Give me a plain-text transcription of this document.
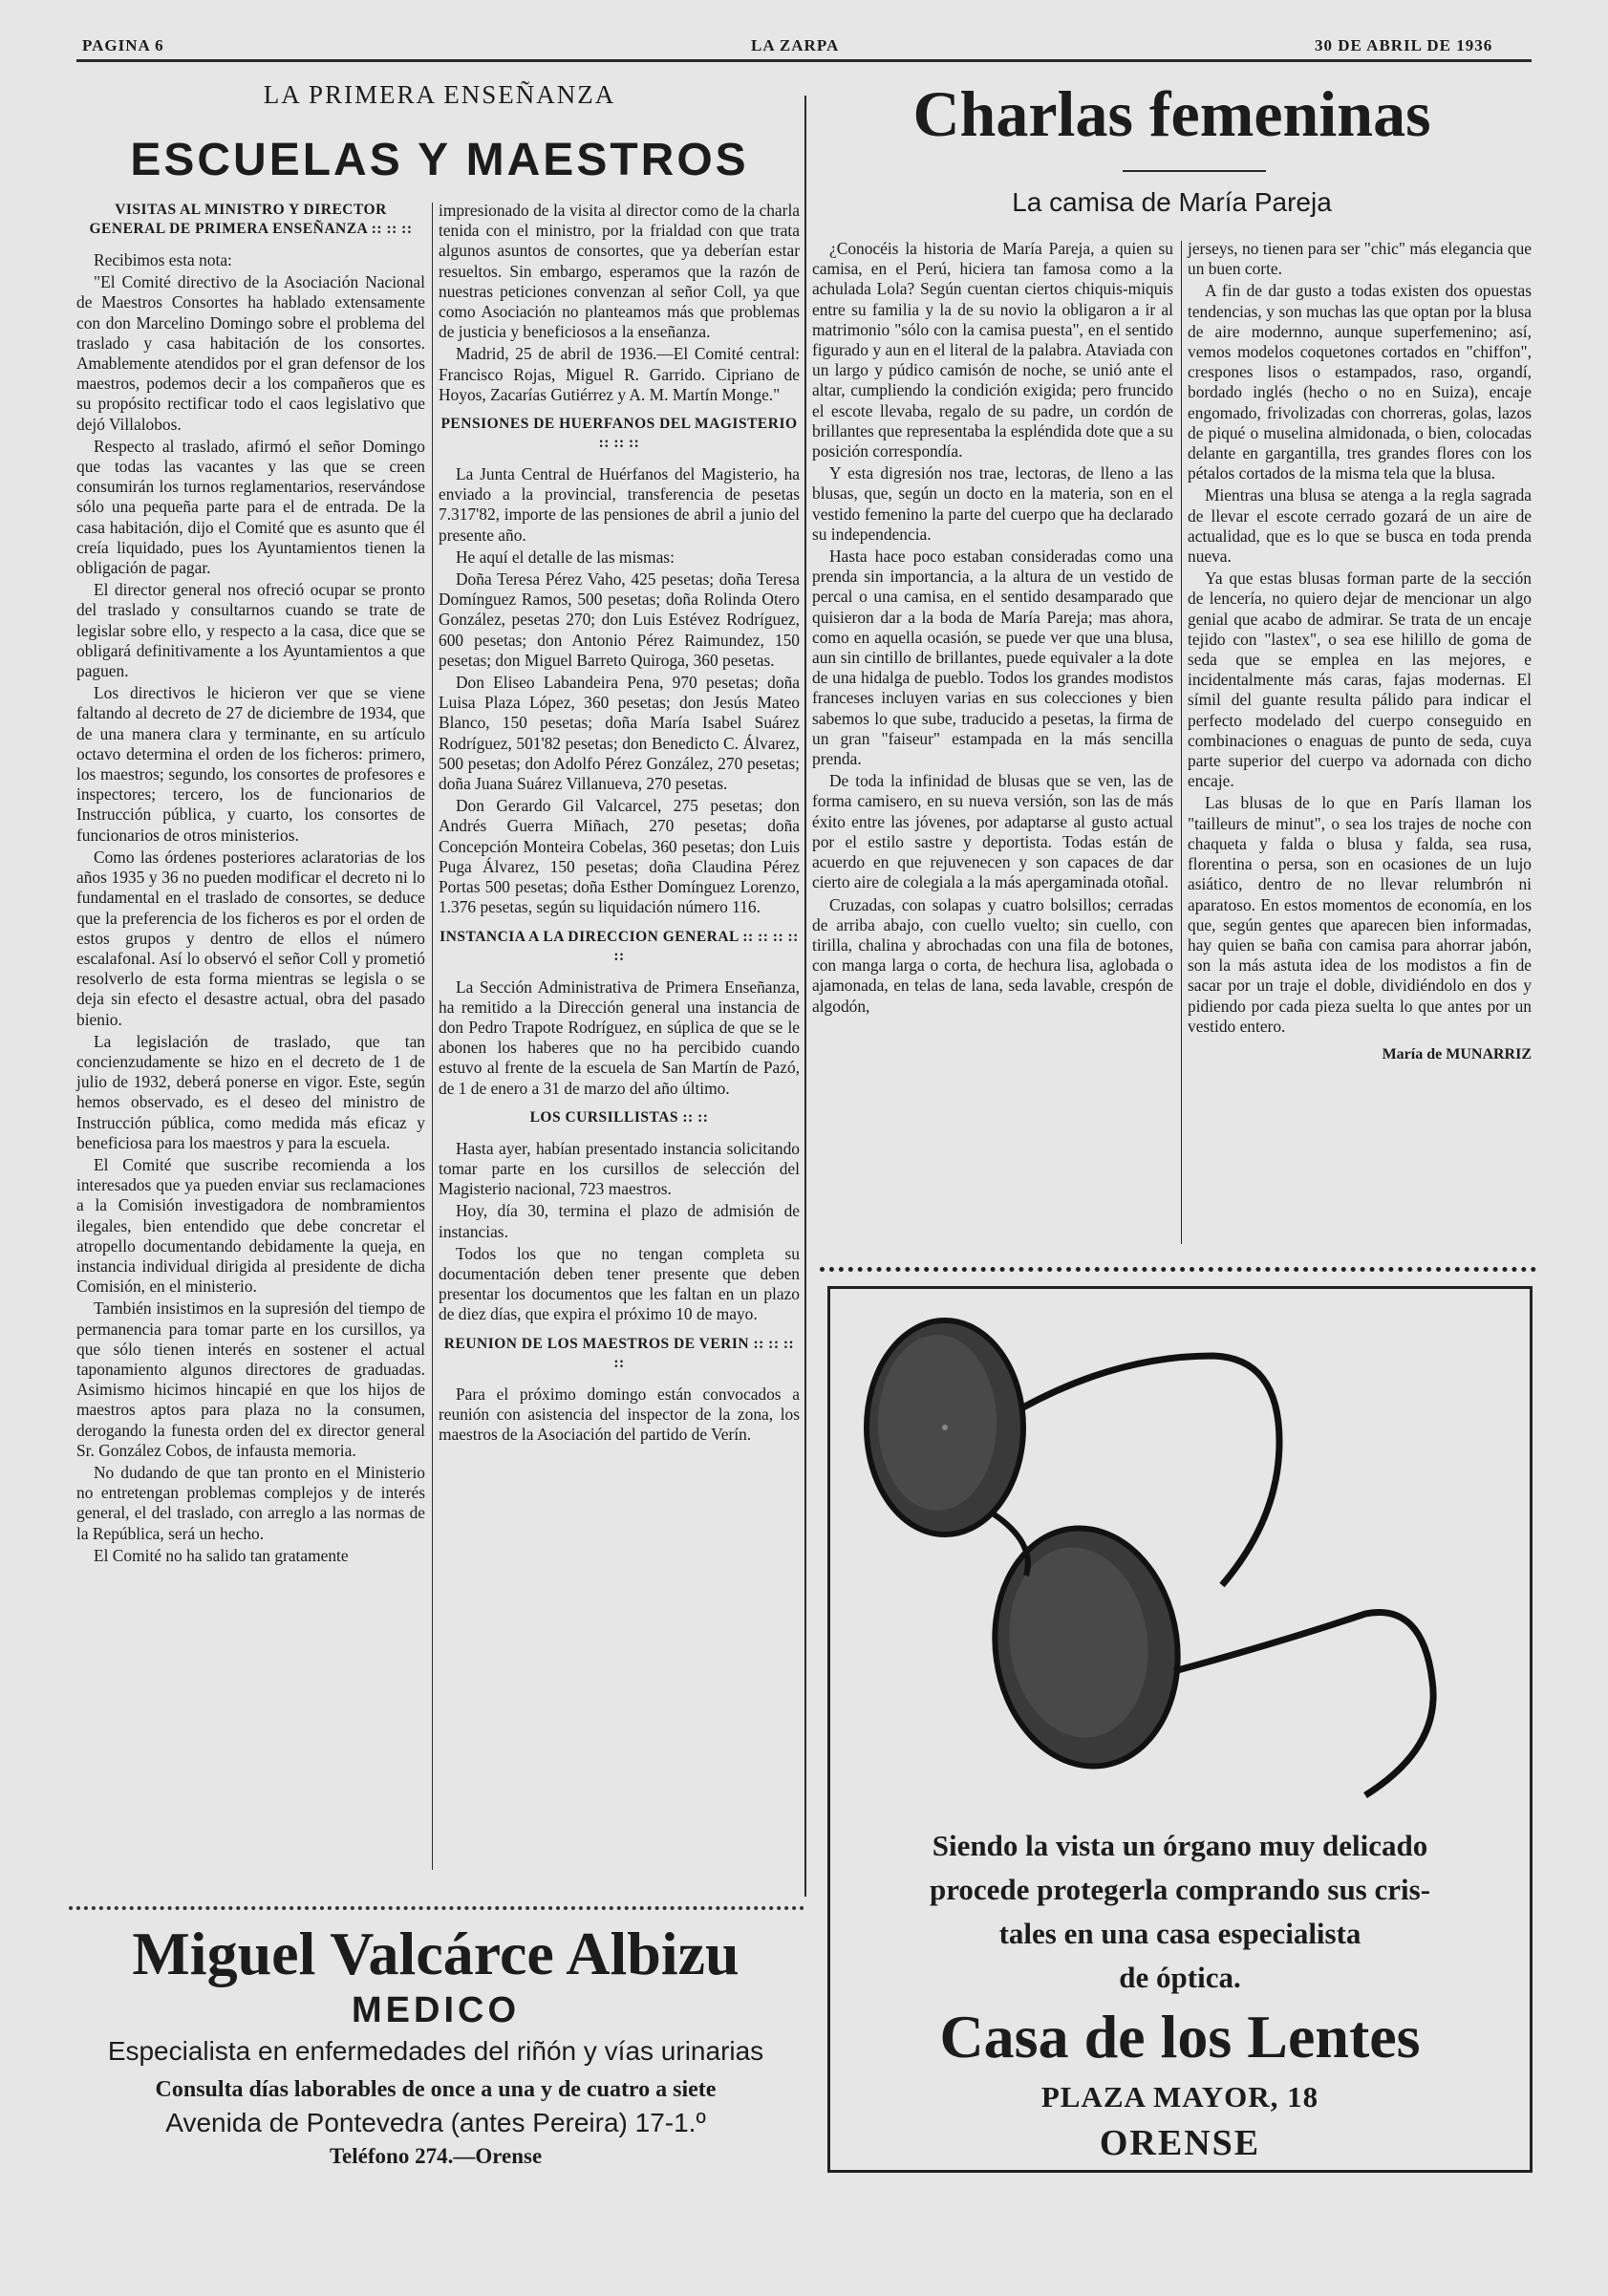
PAGINA 6	LA ZARPA	30 DE ABRIL DE 1936
LA PRIMERA ENSEÑANZA
ESCUELAS Y MAESTROS
VISITAS AL MINISTRO Y DIRECTOR GENERAL DE PRIMERA ENSEÑANZA :: :: ::

Recibimos esta nota:

"El Comité directivo de la Asociación Nacional de Maestros Consortes ha hablado extensamente con don Marcelino Domingo sobre el problema del traslado y casa habitación de los consortes. Amablemente atendidos por el gran defensor de los maestros, podemos decir a los compañeros que es su propósito rectificar todo el caos legislativo que dejó Villalobos.

Respecto al traslado, afirmó el señor Domingo que todas las vacantes y las que se creen consumirán los turnos reglamentarios, reservándose sólo una pequeña parte para el de entrada. De la casa habitación, dijo el Comité que es asunto que él creía liquidado, pues los Ayuntamientos tienen la obligación de pagar.

El director general nos ofreció ocupar se pronto del traslado y consultarnos cuando se trate de legislar sobre ello, y respecto a la casa, dice que se obligará definitivamente a los Ayuntamientos a que paguen.

Los directivos le hicieron ver que se viene faltando al decreto de 27 de diciembre de 1934, que de una manera clara y terminante, en su artículo octavo determina el orden de los ficheros: primero, los maestros; segundo, los consortes de profesores e inspectores; tercero, los de funcionarios de Instrucción pública, y cuarto, los consortes de funcionarios de otros ministerios.

Como las órdenes posteriores aclaratorias de los años 1935 y 36 no pueden modificar el decreto ni lo fundamental en el traslado de consortes, se deduce que la preferencia de los ficheros es por el orden de estos grupos y dentro de ellos el número escalafonal. Así lo observó el señor Coll y prometió resolverlo de esta forma mientras se legisla o se deja sin efecto el desastre actual, obra del pasado bienio.

La legislación de traslado, que tan concienzudamente se hizo en el decreto de 1 de julio de 1932, deberá ponerse en vigor. Este, según hemos observado, es el deseo del ministro de Instrucción pública, como medida más eficaz y beneficiosa para los maestros y para la escuela.

El Comité que suscribe recomienda a los interesados que ya pueden enviar sus reclamaciones a la Comisión investigadora de nombramientos ilegales, bien entendido que debe concretar el atropello documentando debidamente la queja, en instancia individual dirigida al presidente de dicha Comisión, en el ministerio.

También insistimos en la supresión del tiempo de permanencia para tomar parte en los cursillos, ya que sólo tienen interés en sostener el actual taponamiento algunos directores de graduadas. Asimismo hicimos hincapié en que los hijos de maestros aptos para plaza no la consumen, derogando la funesta orden del ex director general Sr. González Cobos, de infausta memoria.

No dudando de que tan pronto en el Ministerio no entretengan problemas complejos y de interés general, el del traslado, con arreglo a las normas de la República, será un hecho.

El Comité no ha salido tan gratamente

impresionado de la visita al director como de la charla tenida con el ministro, por la frialdad con que trata algunos asuntos de consortes, que ya deberían estar resueltos. Sin embargo, esperamos que la razón de nuestras peticiones convenzan al señor Coll, ya que como Asociación no planteamos más que problemas de justicia y beneficiosos a la enseñanza.

Madrid, 25 de abril de 1936.—El Comité central: Francisco Rojas, Miguel R. Garrido. Cipriano de Hoyos, Zacarías Gutiérrez y A. M. Martín Monge."

PENSIONES DE HUERFANOS DEL MAGISTERIO :: :: ::

La Junta Central de Huérfanos del Magisterio, ha enviado a la provincial, transferencia de pesetas 7.317'82, importe de las pensiones de abril a junio del presente año.

He aquí el detalle de las mismas:

Doña Teresa Pérez Vaho, 425 pesetas; doña Teresa Domínguez Ramos, 500 pesetas; doña Rolinda Otero González, pesetas 270; don Luis Estévez Rodríguez, 600 pesetas; don Antonio Pérez Raimundez, 150 pesetas; don Miguel Barreto Quiroga, 360 pesetas.

Don Eliseo Labandeira Pena, 970 pesetas; doña Luisa Plaza López, 360 pesetas; don Jesús Mateo Blanco, 150 pesetas; doña María Isabel Suárez Rodríguez, 501'82 pesetas; don Benedicto C. Álvarez, 500 pesetas; don Adolfo Pérez González, 270 pesetas; doña Juana Suárez Villanueva, 270 pesetas.

Don Gerardo Gil Valcarcel, 275 pesetas; don Andrés Guerra Miñach, 270 pesetas; doña Concepción Monteira Cobelas, 360 pesetas; don Luis Puga Álvarez, 150 pesetas; doña Claudina Pérez Portas 500 pesetas; doña Esther Domínguez Lorenzo, 1.376 pesetas, según su liquidación número 116.

INSTANCIA A LA DIRECCION GENERAL :: :: :: :: ::

La Sección Administrativa de Primera Enseñanza, ha remitido a la Dirección general una instancia de don Pedro Trapote Rodríguez, en súplica de que se le abonen los haberes que no ha percibido cuando estuvo al frente de la escuela de San Martín de Pazó, de 1 de enero a 31 de marzo del año último.

LOS CURSILLISTAS :: ::

Hasta ayer, habían presentado instancia solicitando tomar parte en los cursillos de selección del Magisterio nacional, 723 maestros.

Hoy, día 30, termina el plazo de admisión de instancias.

Todos los que no tengan completa su documentación deben tener presente que deben presentar los documentos que les faltan en un plazo de diez días, que expira el próximo 10 de mayo.

REUNION DE LOS MAESTROS DE VERIN :: :: :: ::

Para el próximo domingo están convocados a reunión con asistencia del inspector de la zona, los maestros de la Asociación del partido de Verín.

Charlas femeninas
La camisa de María Pareja

¿Conocéis la historia de María Pareja, a quien su camisa, en el Perú, hiciera tan famosa como a la achulada Lola? Según cuentan ciertos chiquis-miquis entre su familia y la de su novio la obligaron a ir al matrimonio "sólo con la camisa puesta", en el sentido figurado y aun en el literal de la palabra. Ataviada con un largo y púdico camisón de noche, se unió ante el altar, cumpliendo la condición exigida; pero fruncido el escote llevaba, regalo de su padre, un cordón de brillantes que representaba la espléndida dote que a su posición correspondía.

Y esta digresión nos trae, lectoras, de lleno a las blusas, que, según un docto en la materia, son en el vestido femenino la parte del cuerpo que ha declarado su independencia.

Hasta hace poco estaban consideradas como una prenda sin importancia, a la altura de un vestido de percal o una camisa, en el sentido desamparado que quisieron dar a la boda de María Pareja; mas ahora, como en aquella ocasión, se puede ver que una blusa, aun sin cintillo de brillantes, puede equivaler a la dote de una hidalga de pueblo. Todos los grandes modistos franceses incluyen varias en sus colecciones y bien sabemos lo que sube, traducido a pesetas, la firma de un gran "faiseur" estampada en la más sencilla prenda.

De toda la infinidad de blusas que se ven, las de forma camisero, en su nueva versión, son las de más éxito entre las jóvenes, por adaptarse al gusto actual por el estilo sastre y deportista. Todas están de acuerdo en que rejuvenecen y son capaces de dar cierto aire de colegiala a la más apergaminada otoñal.

Cruzadas, con solapas y cuatro bolsillos; cerradas de arriba abajo, con cuello vuelto; sin cuello, con tirilla, chalina y abrochadas con una fila de botones, con manga larga o corta, de hechura lisa, aglobada o ajamonada, en telas de lana, seda lavable, crespón de algodón,

jerseys, no tienen para ser "chic" más elegancia que un buen corte.

A fin de dar gusto a todas existen dos opuestas tendencias, y son muchas las que optan por la blusa de aire modernno, aunque superfemenino; así, vemos modelos coquetones cortados en "chiffon", crespones lisos o estampados, raso, organdí, bordado inglés (hecho o no en Suiza), encaje engomado, frivolizadas con chorreras, golas, lazos de piqué o muselina almidonada, o bien, colocadas delante en gargantilla, tres grandes flores con los pétalos cortados de la misma tela que la blusa.

Mientras una blusa se atenga a la regla sagrada de llevar el escote cerrado gozará de un aire de actualidad, que es lo que se busca en toda prenda nueva.

Ya que estas blusas forman parte de la sección de lencería, no quiero dejar de mencionar un algo genial que acabo de admirar. Se trata de un encaje tejido con "lastex", o sea ese hilillo de goma de seda que se emplea en las mejores, e incidentalmente más caras, fajas modernas. El símil del guante resulta pálido para indicar el perfecto modelado del cuerpo conseguido en combinaciones o enaguas de punto de seda, cuya parte superior del cuerpo va adornada con dicho encaje.

Las blusas de lo que en París llaman los "tailleurs de minut", o sea los trajes de noche con chaqueta y falda o blusa y falda, sea rusa, florentina o persa, son en ocasiones de un lujo asiático, dentro de no llevar relumbrón ni aparatoso. En estos momentos de economía, en los que, según gentes que aparecen bien informadas, hay quien se baña con camisa para ahorrar jabón, son la más astuta idea de los modistos a fin de sacar por un traje el doble, dividiéndolo en dos y pidiendo por cada pieza suelta lo que antes por un vestido entero.

María de MUNARRIZ
Miguel Valcárce Albizu
MEDICO
Especialista en enfermedades del riñón y vías urinarias
Consulta días laborables de once a una y de cuatro a siete
Avenida de Pontevedra (antes Pereira) 17-1.º
Teléfono 274.—Orense
Siendo la vista un órgano muy delicado
procede protegerla comprando sus cris-
tales en una casa especialista
de óptica.
Casa de los Lentes
PLAZA MAYOR, 18
ORENSE
